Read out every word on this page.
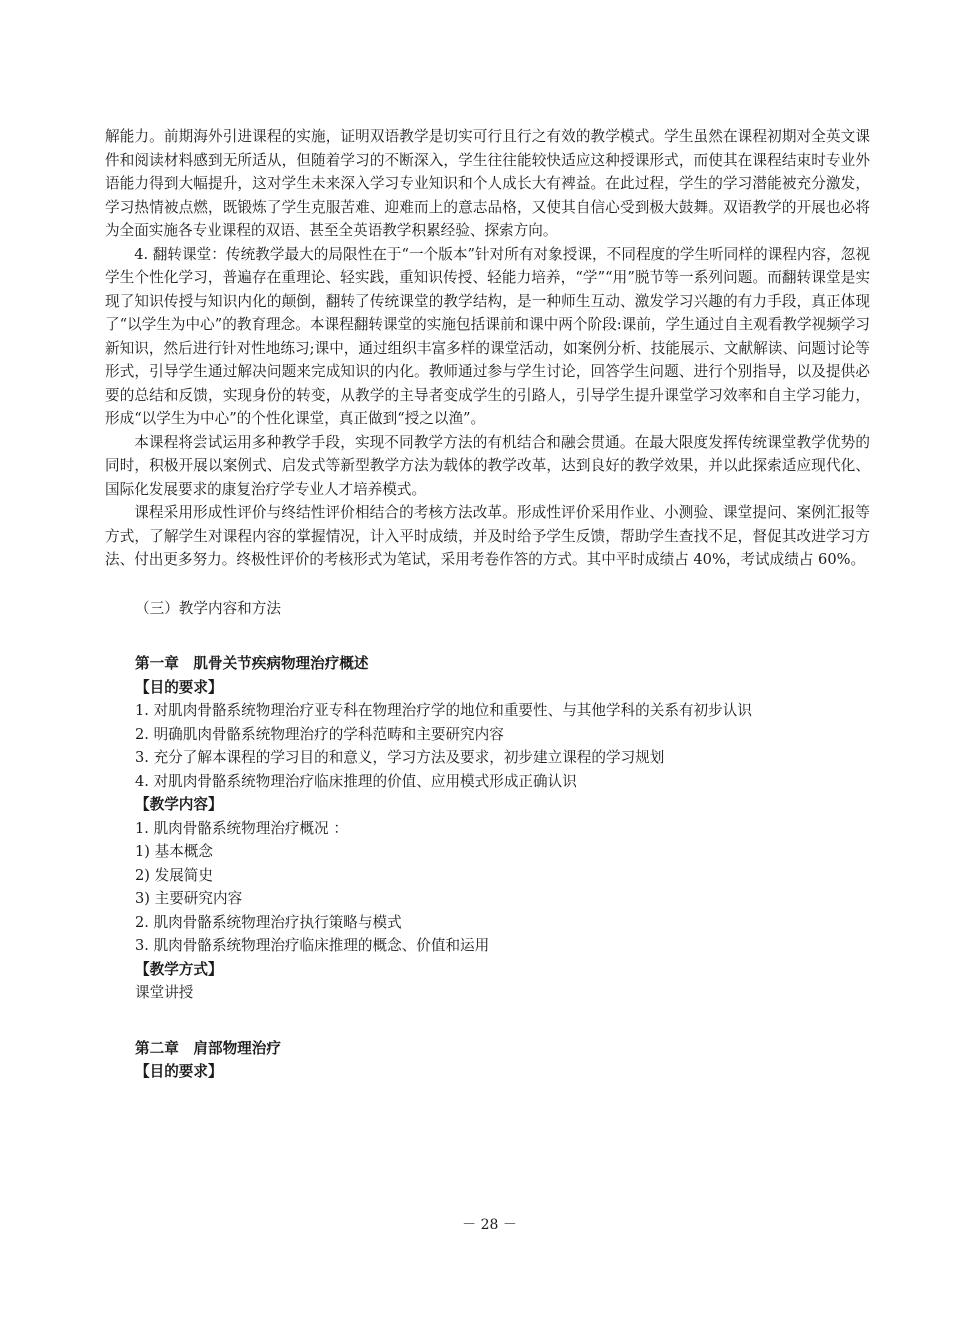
解能力。前期海外引进课程的实施，证明双语教学是切实可行且行之有效的教学模式。学生虽然在课程初期对全英文课件和阅读材料感到无所适从，但随着学习的不断深入，学生往往能较快适应这种授课形式，而使其在课程结束时专业外语能力得到大幅提升，这对学生未来深入学习专业知识和个人成长大有裨益。在此过程，学生的学习潜能被充分激发，学习热情被点燃，既锻炼了学生克服苦难、迎难而上的意志品格，又使其自信心受到极大鼓舞。双语教学的开展也必将为全面实施各专业课程的双语、甚至全英语教学积累经验、探索方向。

4. 翻转课堂：传统教学最大的局限性在于“一个版本”针对所有对象授课，不同程度的学生听同样的课程内容，忽视学生个性化学习，普遍存在重理论、轻实践，重知识传授、轻能力培养，“学”“用”脱节等一系列问题。而翻转课堂是实现了知识传授与知识内化的颠倒，翻转了传统课堂的教学结构，是一种师生互动、激发学习兴趣的有力手段，真正体现了“以学生为中心”的教育理念。本课程翻转课堂的实施包括课前和课中两个阶段:课前，学生通过自主观看教学视频学习新知识，然后进行针对性地练习;课中，通过组织丰富多样的课堂活动，如案例分析、技能展示、文献解读、问题讨论等形式，引导学生通过解决问题来完成知识的内化。教师通过参与学生讨论，回答学生问题、进行个别指导，以及提供必要的总结和反馈，实现身份的转变，从教学的主导者变成学生的引路人，引导学生提升课堂学习效率和自主学习能力，形成“以学生为中心”的个性化课堂，真正做到“授之以渔”。

本课程将尝试运用多种教学手段，实现不同教学方法的有机结合和融会贯通。在最大限度发挥传统课堂教学优势的同时，积极开展以案例式、启发式等新型教学方法为载体的教学改革，达到良好的教学效果，并以此探索适应现代化、国际化发展要求的康复治疗学专业人才培养模式。

课程采用形成性评价与终结性评价相结合的考核方法改革。形成性评价采用作业、小测验、课堂提问、案例汇报等方式，了解学生对课程内容的掌握情况，计入平时成绩，并及时给予学生反馈，帮助学生查找不足，督促其改进学习方法、付出更多努力。终极性评价的考核形式为笔试，采用考卷作答的方式。其中平时成绩占 40%，考试成绩占 60%。

（三）教学内容和方法

第一章　肌骨关节疾病物理治疗概述

【目的要求】

1. 对肌肉骨骼系统物理治疗亚专科在物理治疗学的地位和重要性、与其他学科的关系有初步认识

2. 明确肌肉骨骼系统物理治疗的学科范畴和主要研究内容

3. 充分了解本课程的学习目的和意义，学习方法及要求，初步建立课程的学习规划

4. 对肌肉骨骼系统物理治疗临床推理的价值、应用模式形成正确认识

【教学内容】

1. 肌肉骨骼系统物理治疗概况 ：

1) 基本概念

2) 发展简史

3) 主要研究内容

2. 肌肉骨骼系统物理治疗执行策略与模式

3. 肌肉骨骼系统物理治疗临床推理的概念、价值和运用

【教学方式】

课堂讲授

第二章　肩部物理治疗

【目的要求】

－ 28 －
